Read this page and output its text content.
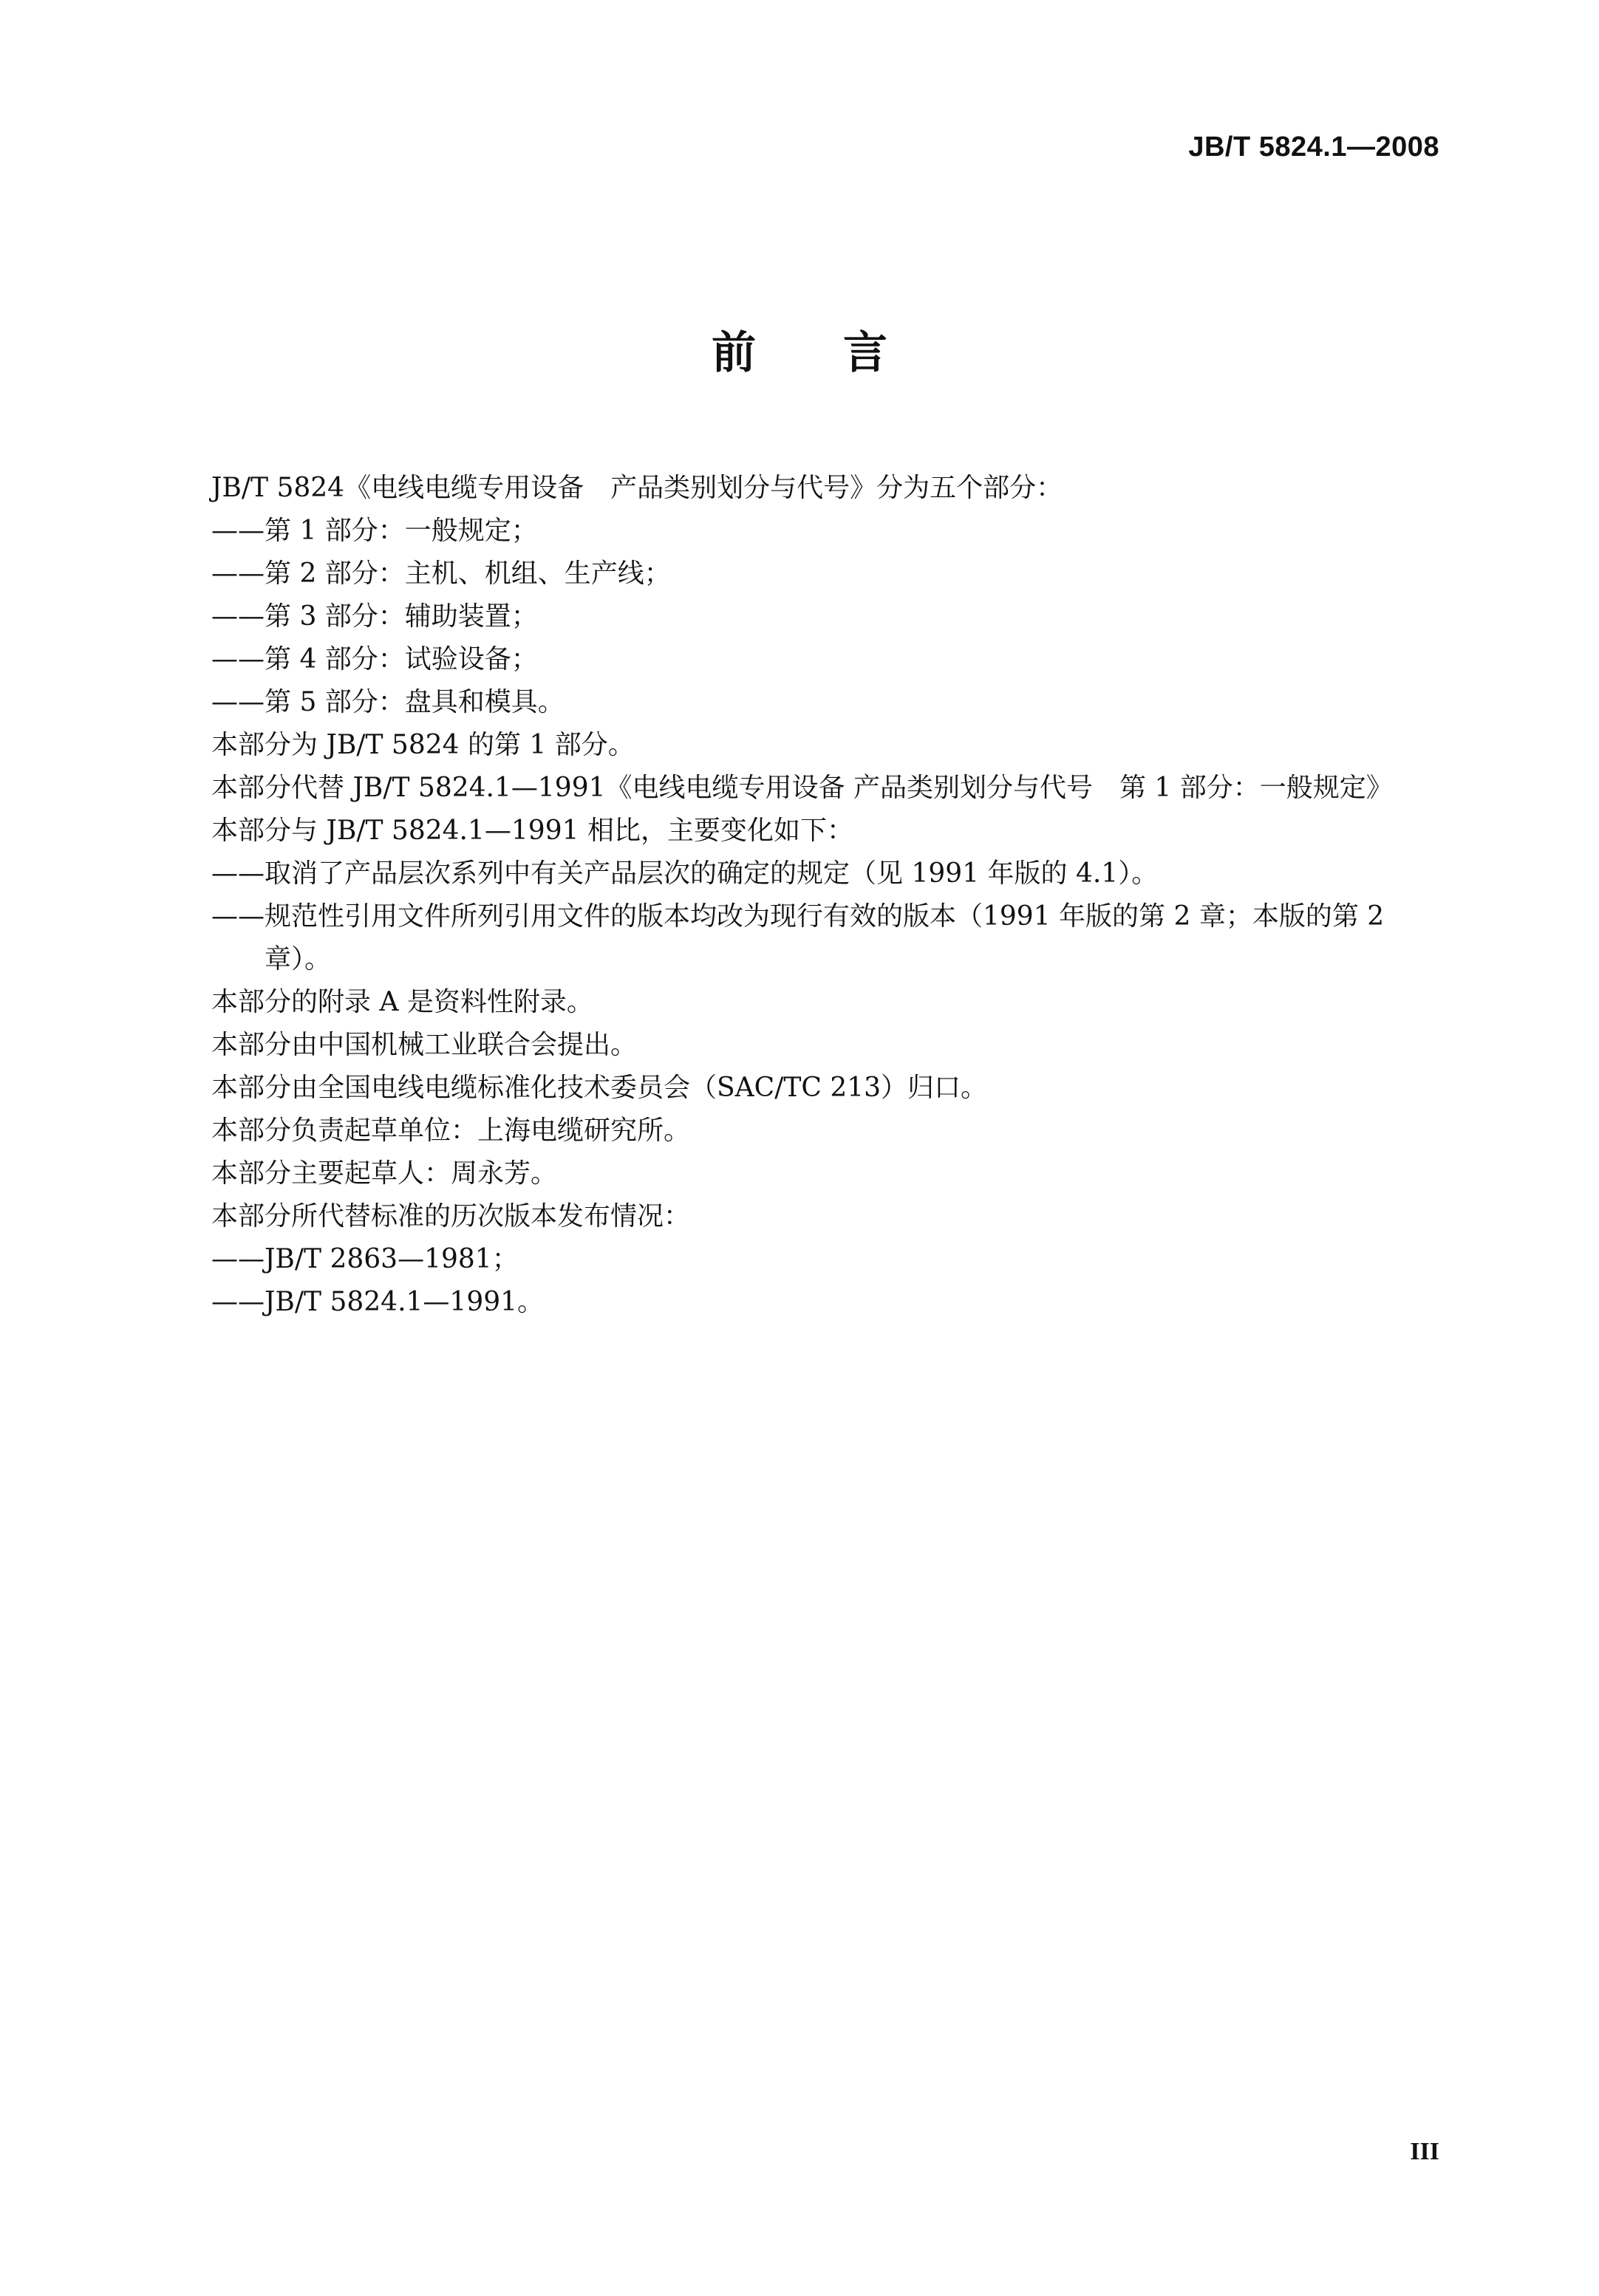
JB/T 5824.1—2008
前言
JB/T 5824《电线电缆专用设备　产品类别划分与代号》分为五个部分：
——第 1 部分：一般规定；
——第 2 部分：主机、机组、生产线；
——第 3 部分：辅助装置；
——第 4 部分：试验设备；
——第 5 部分：盘具和模具。
本部分为 JB/T 5824 的第 1 部分。
本部分代替 JB/T 5824.1—1991《电线电缆专用设备 产品类别划分与代号　第 1 部分：一般规定》
本部分与 JB/T 5824.1—1991 相比，主要变化如下：
——取消了产品层次系列中有关产品层次的确定的规定（见 1991 年版的 4.1）。
——规范性引用文件所列引用文件的版本均改为现行有效的版本（1991 年版的第 2 章；本版的第 2
章）。
本部分的附录 A 是资料性附录。
本部分由中国机械工业联合会提出。
本部分由全国电线电缆标准化技术委员会（SAC/TC 213）归口。
本部分负责起草单位：上海电缆研究所。
本部分主要起草人：周永芳。
本部分所代替标准的历次版本发布情况：
——JB/T 2863—1981；
——JB/T 5824.1—1991。
III
